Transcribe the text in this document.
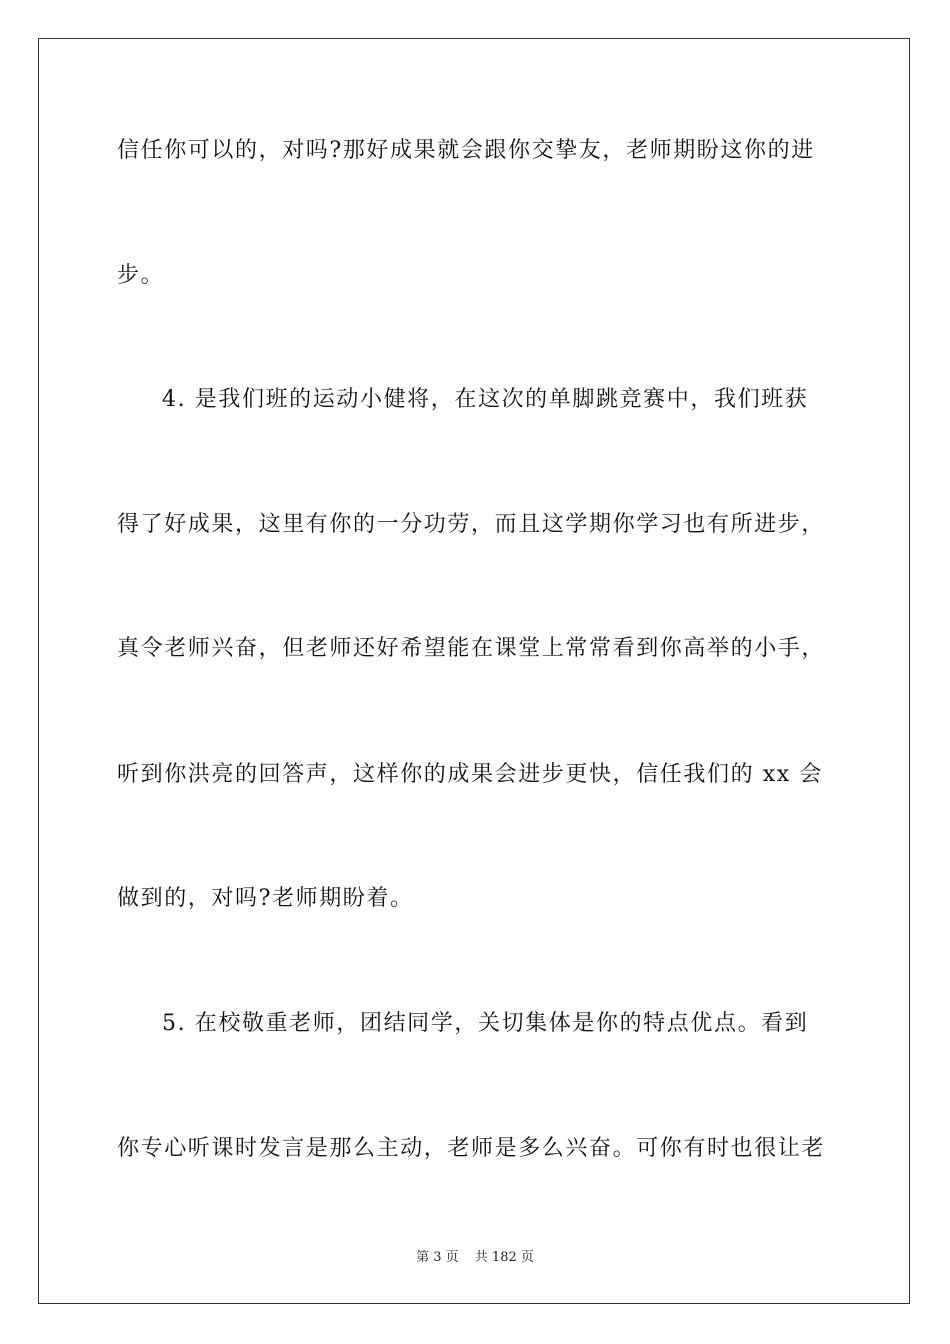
信任你可以的，对吗?那好成果就会跟你交挚友，老师期盼这你的进
步。
4. 是我们班的运动小健将，在这次的单脚跳竞赛中，我们班获
得了好成果，这里有你的一分功劳，而且这学期你学习也有所进步，
真令老师兴奋，但老师还好希望能在课堂上常常看到你高举的小手，
听到你洪亮的回答声，这样你的成果会进步更快，信任我们的 xx 会
做到的，对吗?老师期盼着。
5. 在校敬重老师，团结同学，关切集体是你的特点优点。看到
你专心听课时发言是那么主动，老师是多么兴奋。可你有时也很让老
第 3 页 共 182 页
